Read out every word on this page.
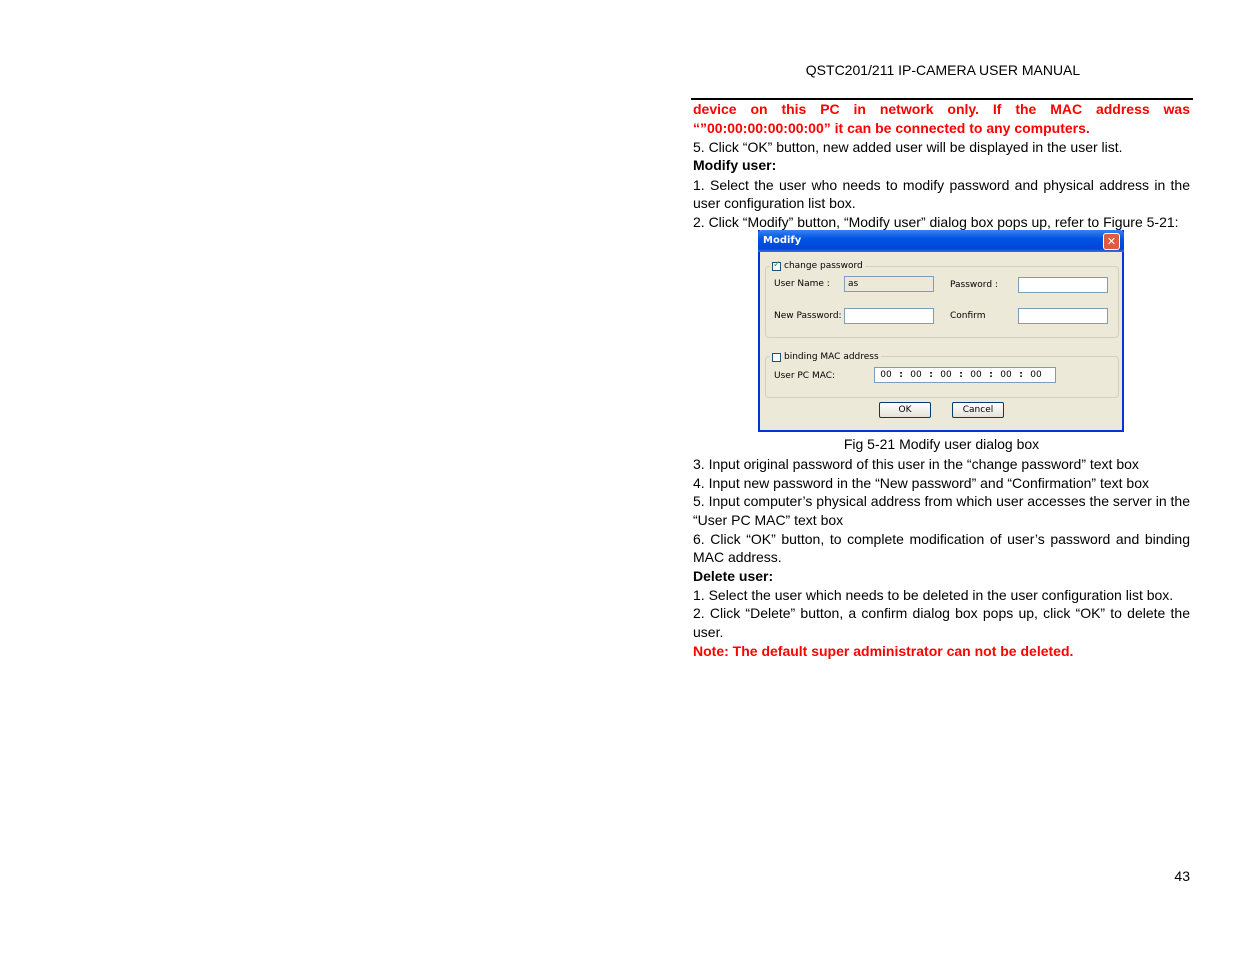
QSTC201/211 IP-CAMERA USER MANUAL
device on this PC in network only. If the MAC address was
“”00:00:00:00:00:00” it can be connected to any computers.
5. Click “OK” button, new added user will be displayed in the user list.
Modify user:
1. Select the user who needs to modify password and physical address in the
user configuration list box.
2. Click “Modify” button, “Modify user” dialog box pops up, refer to Figure 5-21:
Modify	✕
✓
change password
User Name :	as	Password :
New Password:	Confirm
binding MAC address
User PC MAC:	00 : 00 : 00 : 00 : 00 : 00
OK	Cancel
Fig 5-21 Modify user dialog box
3. Input original password of this user in the “change password” text box
4. Input new password in the “New password” and “Confirmation” text box
5. Input computer’s physical address from which user accesses the server in the
“User PC MAC” text box
6. Click “OK” button, to complete modification of user’s password and binding
MAC address.
Delete user:
1. Select the user which needs to be deleted in the user configuration list box.
2. Click “Delete” button, a confirm dialog box pops up, click “OK” to delete the
user.
Note: The default super administrator can not be deleted.
43
